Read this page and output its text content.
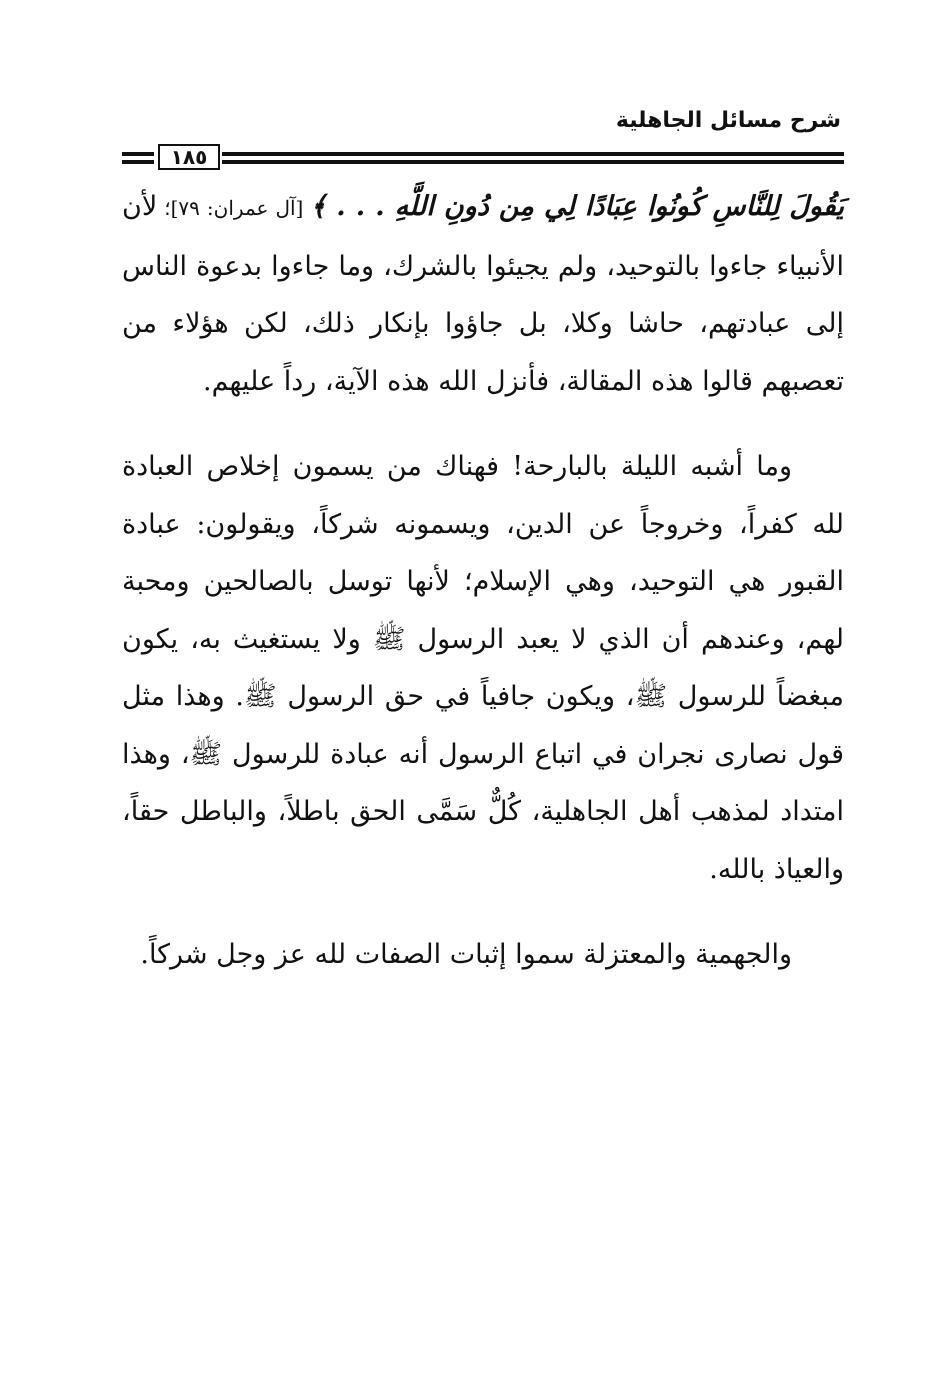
شرح مسائل الجاهلية
١٨٥

يَقُولَ لِلنَّاسِ كُونُوا عِبَادًا لِي مِن دُونِ اللَّهِ . . . ﴾ [آل عمران: ٧٩]؛ لأن الأنبياء جاءوا بالتوحيد، ولم يجيئوا بالشرك، وما جاءوا بدعوة الناس إلى عبادتهم، حاشا وكلا، بل جاؤوا بإنكار ذلك، لكن هؤلاء من تعصبهم قالوا هذه المقالة، فأنزل الله هذه الآية، رداً عليهم.

وما أشبه الليلة بالبارحة! فهناك من يسمون إخلاص العبادة لله كفراً، وخروجاً عن الدين، ويسمونه شركاً، ويقولون: عبادة القبور هي التوحيد، وهي الإسلام؛ لأنها توسل بالصالحين ومحبة لهم، وعندهم أن الذي لا يعبد الرسول ﷺ ولا يستغيث به، يكون مبغضاً للرسول ﷺ، ويكون جافياً في حق الرسول ﷺ. وهذا مثل قول نصارى نجران في اتباع الرسول أنه عبادة للرسول ﷺ، وهذا امتداد لمذهب أهل الجاهلية، كُلٌّ سَمَّى الحق باطلاً، والباطل حقاً، والعياذ بالله.

والجهمية والمعتزلة سموا إثبات الصفات لله عز وجل شركاً.
